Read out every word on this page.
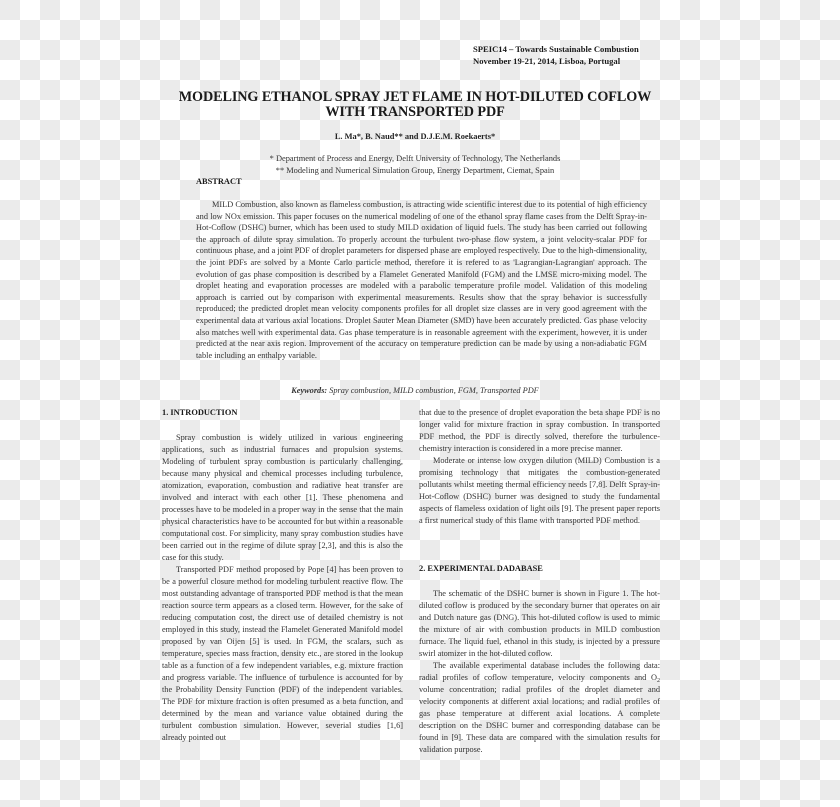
SPEIC14 – Towards Sustainable Combustion
November 19-21, 2014, Lisboa, Portugal
MODELING ETHANOL SPRAY JET FLAME IN HOT-DILUTED COFLOW
WITH TRANSPORTED PDF
L. Ma*, B. Naud** and D.J.E.M. Roekaerts*
* Department of Process and Energy, Delft University of Technology, The Netherlands
** Modeling and Numerical Simulation Group, Energy Department, Ciemat, Spain
ABSTRACT
MILD Combustion, also known as flameless combustion, is attracting wide scientific interest due to its potential of high efficiency and low NOx emission. This paper focuses on the numerical modeling of one of the ethanol spray flame cases from the Delft Spray-in-Hot-Coflow (DSHC) burner, which has been used to study MILD oxidation of liquid fuels. The study has been carried out following the approach of dilute spray simulation. To properly account the turbulent two-phase flow system, a joint velocity-scalar PDF for continuous phase, and a joint PDF of droplet parameters for dispersed phase are employed respectively. Due to the high-dimensionality, the joint PDFs are solved by a Monte Carlo particle method, therefore it is refered to as 'Lagrangian-Lagrangian' approach. The evolution of gas phase composition is described by a Flamelet Generated Manifold (FGM) and the LMSE micro-mixing model. The droplet heating and evaporation processes are modeled with a parabolic temperature profile model. Validation of this modeling approach is carried out by comparison with experimental measurements. Results show that the spray behavior is successfully reproduced; the predicted droplet mean velocity components profiles for all droplet size classes are in very good agreement with the experimental data at various axial locations. Droplet Sauter Mean Diameter (SMD) have been accurately predicted. Gas phase velocity also matches well with experimental data. Gas phase temperature is in reasonable agreement with the experiment, however, it is under predicted at the near axis region. Improvement of the accuracy on temperature prediction can be made by using a non-adiabatic FGM table including an enthalpy variable.
Keywords: Spray combustion, MILD combustion, FGM, Transported PDF
1. INTRODUCTION

Spray combustion is widely utilized in various engineering applications, such as industrial furnaces and propulsion systems. Modeling of turbulent spray combustion is particularly challenging, because many physical and chemical processes including turbulence, atomization, evaporation, combustion and radiative heat transfer are involved and interact with each other [1]. These phenomena and processes have to be modeled in a proper way in the sense that the main physical characteristics have to be accounted for but within a reasonable computational cost. For simplicity, many spray combustion studies have been carried out in the regime of dilute spray [2,3], and this is also the case for this study.

Transported PDF method proposed by Pope [4] has been proven to be a powerful closure method for modeling turbulent reactive flow. The most outstanding advantage of transported PDF method is that the mean reaction source term appears as a closed term. However, for the sake of reducing computation cost, the direct use of detailed chemistry is not employed in this study, instead the Flamelet Generated Manifold model proposed by van Oijen [5] is used. In FGM, the scalars, such as temperature, species mass fraction, density etc., are stored in the lookup table as a function of a few independent variables, e.g. mixture fraction and progress variable. The influence of turbulence is accounted for by the Probability Density Function (PDF) of the independent variables. The PDF for mixture fraction is often presumed as a beta function, and determined by the mean and variance value obtained during the turbulent combustion simulation. However, severial studies [1,6] already pointed out

that due to the presence of droplet evaporation the beta shape PDF is no longer valid for mixture fraction in spray combustion. In transported PDF method, the PDF is directly solved, therefore the turbulence-chemistry interaction is considered in a more precise manner.

Moderate or intense low oxygen dilution (MILD) Combustion is a promising technology that mitigates the combustion-generated pollutants whilst meeting thermal efficiency needs [7,8]. Delft Spray-in-Hot-Coflow (DSHC) burner was designed to study the fundamental aspects of flameless oxidation of light oils [9]. The present paper reports a first numerical study of this flame with transported PDF method.

2. EXPERIMENTAL DADABASE

The schematic of the DSHC burner is shown in Figure 1. The hot-diluted coflow is produced by the secondary burner that operates on air and Dutch nature gas (DNG). This hot-diluted coflow is used to mimic the mixture of air with combustion products in MILD combustion furnace. The liquid fuel, ethanol in this study, is injected by a pressure swirl atomizer in the hot-diluted coflow.

The available experimental database includes the following data: radial profiles of coflow temperature, velocity components and $O_2$ volume concentration; radial profiles of the droplet diameter and velocity components at different axial locations; and radial profiles of gas phase temperature at different axial locations. A complete description on the DSHC burner and corresponding database can be found in [9]. These data are compared with the simulation results for validation purpose.
